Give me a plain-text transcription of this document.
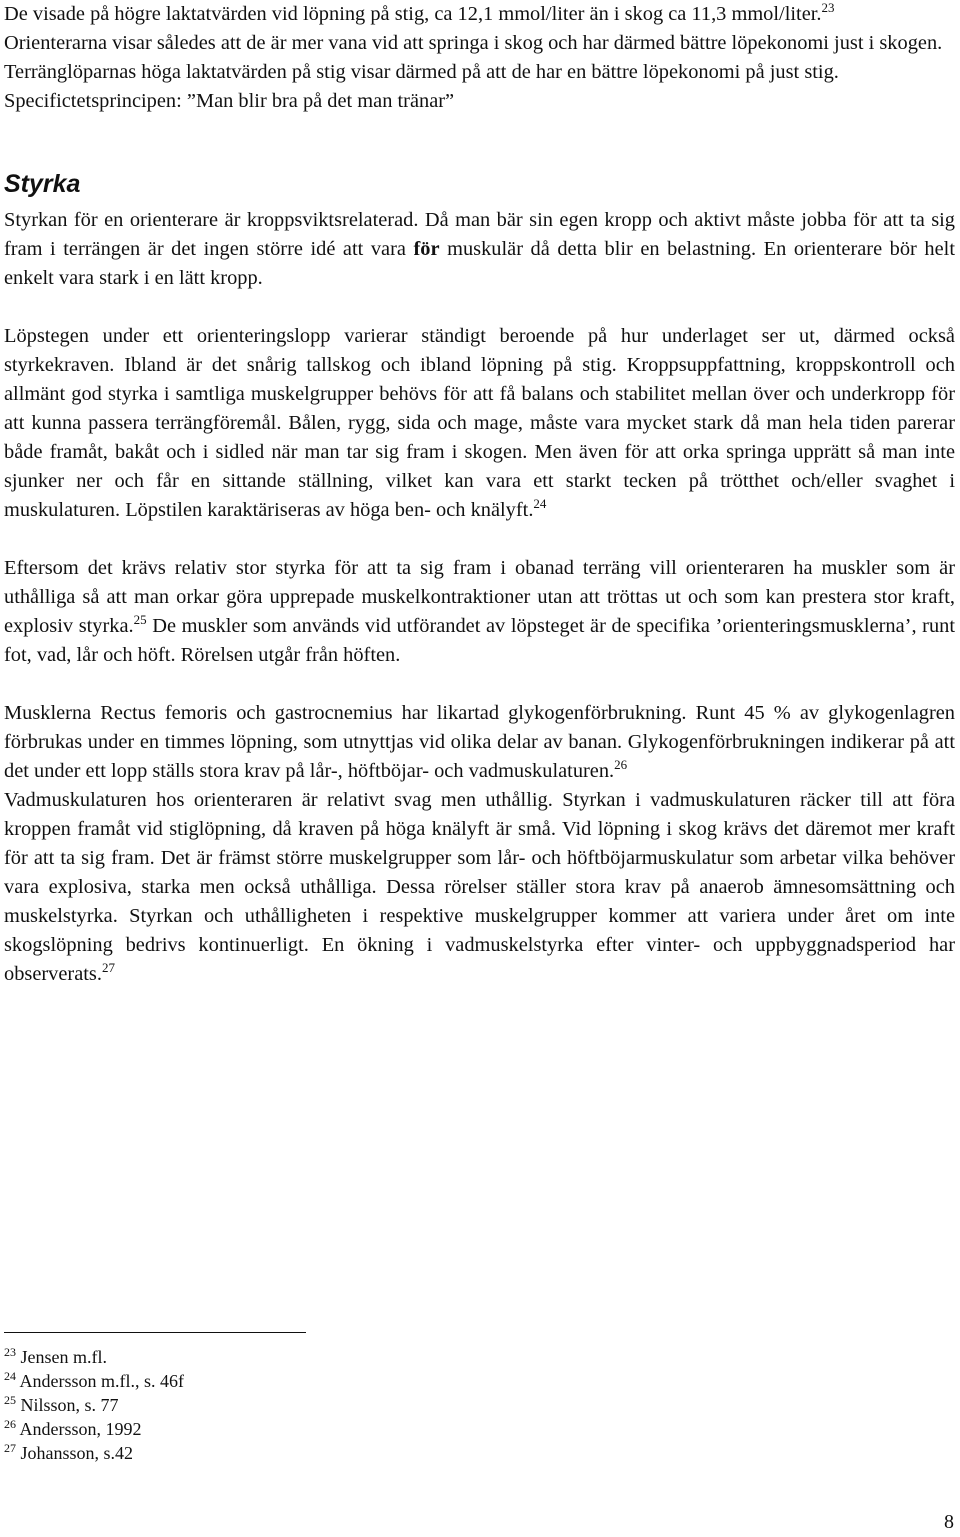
De visade på högre laktatvärden vid löpning på stig, ca 12,1 mmol/liter än i skog ca 11,3 mmol/liter.$^{23}$

Orienterarna visar således att de är mer vana vid att springa i skog och har därmed bättre löpekonomi just i skogen. Terränglöparnas höga laktatvärden på stig visar därmed på att de har en bättre löpekonomi på just stig.

Specifictetsprincipen: ”Man blir bra på det man tränar”

Styrka

Styrkan för en orienterare är kroppsviktsrelaterad. Då man bär sin egen kropp och aktivt måste jobba för att ta sig fram i terrängen är det ingen större idé att vara för muskulär då detta blir en belastning. En orienterare bör helt enkelt vara stark i en lätt kropp.

Löpstegen under ett orienteringslopp varierar ständigt beroende på hur underlaget ser ut, därmed också styrkekraven. Ibland är det snårig tallskog och ibland löpning på stig. Kroppsuppfattning, kroppskontroll och allmänt god styrka i samtliga muskelgrupper behövs för att få balans och stabilitet mellan över och underkropp för att kunna passera terrängföremål. Bålen, rygg, sida och mage, måste vara mycket stark då man hela tiden parerar både framåt, bakåt och i sidled när man tar sig fram i skogen. Men även för att orka springa upprätt så man inte sjunker ner och får en sittande ställning, vilket kan vara ett starkt tecken på trötthet och/eller svaghet i muskulaturen. Löpstilen karaktäriseras av höga ben- och knälyft.$^{24}$

Eftersom det krävs relativ stor styrka för att ta sig fram i obanad terräng vill orienteraren ha muskler som är uthålliga så att man orkar göra upprepade muskelkontraktioner utan att tröttas ut och som kan prestera stor kraft, explosiv styrka.$^{25}$ De muskler som används vid utförandet av löpsteget är de specifika ’orienteringsmusklerna’, runt fot, vad, lår och höft. Rörelsen utgår från höften.

Musklerna Rectus femoris och gastrocnemius har likartad glykogenförbrukning. Runt 45 % av glykogenlagren förbrukas under en timmes löpning, som utnyttjas vid olika delar av banan. Glykogenförbrukningen indikerar på att det under ett lopp ställs stora krav på lår-, höftböjar- och vadmuskulaturen.$^{26}$

Vadmuskulaturen hos orienteraren är relativt svag men uthållig. Styrkan i vadmuskulaturen räcker till att föra kroppen framåt vid stiglöpning, då kraven på höga knälyft är små. Vid löpning i skog krävs det däremot mer kraft för att ta sig fram. Det är främst större muskelgrupper som lår- och höftböjarmuskulatur som arbetar vilka behöver vara explosiva, starka men också uthålliga. Dessa rörelser ställer stora krav på anaerob ämnesomsättning och muskelstyrka. Styrkan och uthålligheten i respektive muskelgrupper kommer att variera under året om inte skogslöpning bedrivs kontinuerligt. En ökning i vadmuskelstyrka efter vinter- och uppbyggnadsperiod har observerats.$^{27}$

$^{23}$ Jensen m.fl.

$^{24}$ Andersson m.fl., s. 46f

$^{25}$ Nilsson, s. 77

$^{26}$ Andersson, 1992

$^{27}$ Johansson, s.42

8
